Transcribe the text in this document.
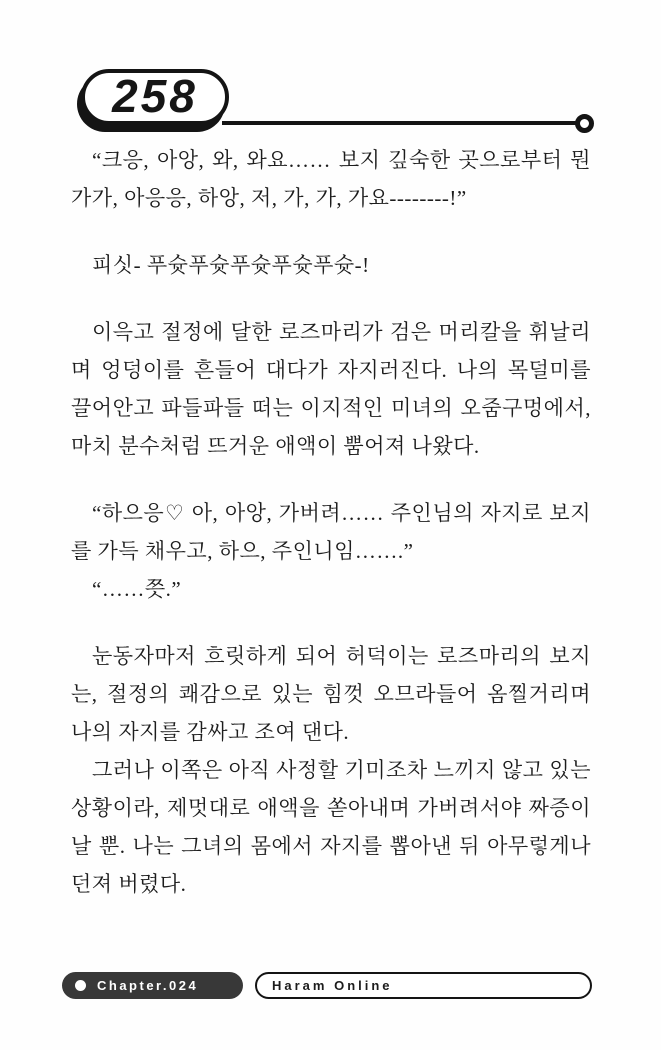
258

“크응, 아앙, 와, 와요…… 보지 깊숙한 곳으로부터 뭔가가, 아응응, 하앙, 저, 가, 가, 가요--------!”

피싯- 푸슛푸슛푸슛푸슛푸슛-!

이윽고 절정에 달한 로즈마리가 검은 머리칼을 휘날리며 엉덩이를 흔들어 대다가 자지러진다. 나의 목덜미를 끌어안고 파들파들 떠는 이지적인 미녀의 오줌구멍에서, 마치 분수처럼 뜨거운 애액이 뿜어져 나왔다.

“하으응♡ 아, 아앙, 가버려…… 주인님의 자지로 보지를 가득 채우고, 하으, 주인니임…….”

“……쯧.”

눈동자마저 흐릿하게 되어 허덕이는 로즈마리의 보지는, 절정의 쾌감으로 있는 힘껏 오므라들어 옴찔거리며 나의 자지를 감싸고 조여 댄다.

그러나 이쪽은 아직 사정할 기미조차 느끼지 않고 있는 상황이라, 제멋대로 애액을 쏟아내며 가버려서야 짜증이 날 뿐. 나는 그녀의 몸에서 자지를 뽑아낸 뒤 아무렇게나 던져 버렸다.

Chapter.024	Haram Online
